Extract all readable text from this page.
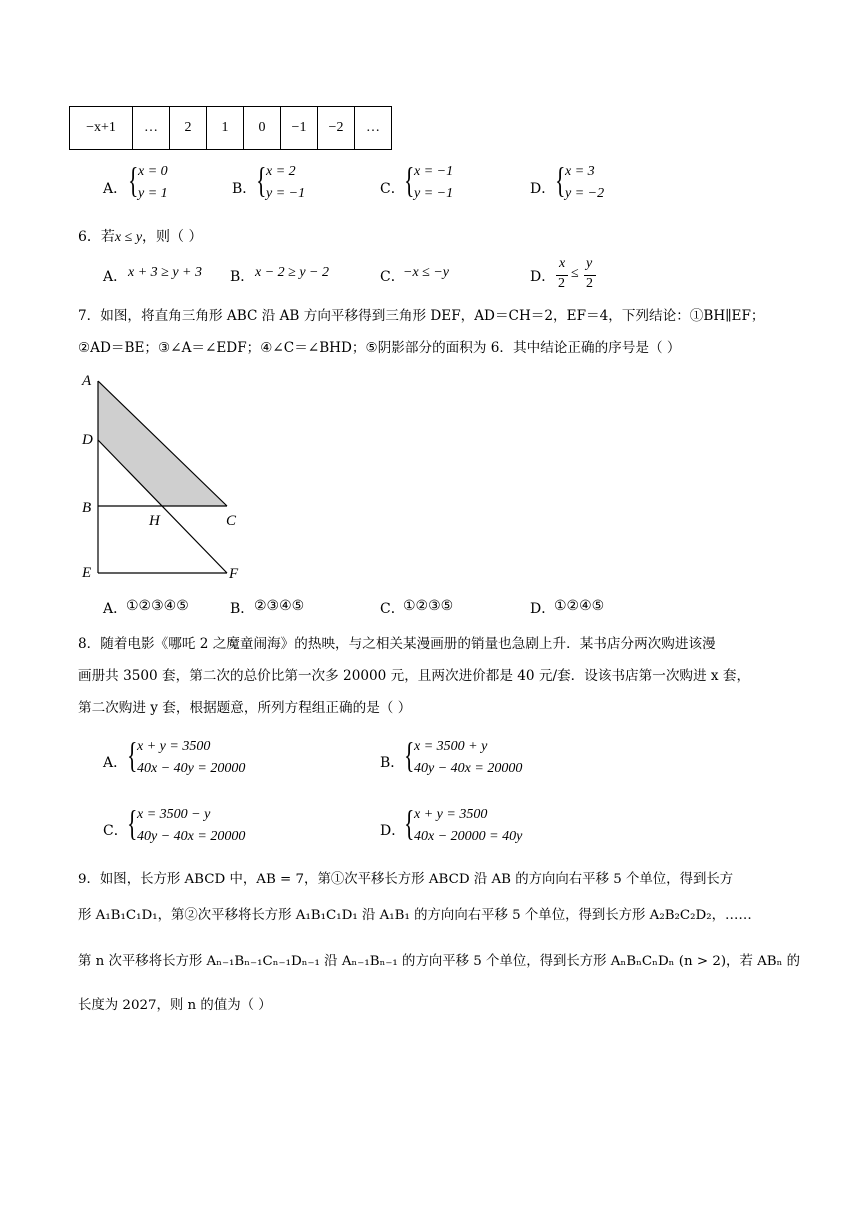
−x+1	…	2	1	0	−1	−2	…
A． { x = 0
y = 1	B． { x = 2
y = −1	C． { x = −1
y = −1	D． { x = 3
y = −2
6．若x ≤ y，则（ ）
A． x + 3 ≥ y + 3 B． x − 2 ≥ y − 2	C．
−x ≤ −y	D．
x
2
≤
y
2
7．如图，将直角三角形 ABC 沿 AB 方向平移得到三角形 DEF，AD＝CH＝2，EF＝4，下列结论：①BH∥EF；
②AD＝BE；③∠A＝∠EDF；④∠C＝∠BHD；⑤阴影部分的面积为 6．其中结论正确的序号是（ ）
A
D
B
H	C
E	F
A．
①②③④⑤	B． ②③④⑤	C．
①②③⑤	D．
①②④⑤
8．随着电影《哪吒 2 之魔童闹海》的热映，与之相关某漫画册的销量也急剧上升．某书店分两次购进该漫
画册共 3500 套，第二次的总价比第一次多 20000 元，且两次进价都是 40 元/套．设该书店第一次购进 x 套，
第二次购进 y 套，根据题意，所列方程组正确的是（ ）
A． { x + y = 3500
40x − 40y = 20000	B． { x = 3500 + y
40y − 40x = 20000
C． { x = 3500 − y
40y − 40x = 20000	D．
{ x + y = 3500
40x − 20000 = 40y
9．如图，长方形 ABCD 中，AB = 7，第①次平移长方形 ABCD 沿 AB 的方向向右平移 5 个单位，得到长方
形 A₁B₁C₁D₁，第②次平移将长方形 A₁B₁C₁D₁ 沿 A₁B₁ 的方向向右平移 5 个单位，得到长方形 A₂B₂C₂D₂，……
第 n 次平移将长方形 Aₙ₋₁Bₙ₋₁Cₙ₋₁Dₙ₋₁ 沿 Aₙ₋₁Bₙ₋₁ 的方向平移 5 个单位，得到长方形 AₙBₙCₙDₙ (n > 2)，若 ABₙ 的
长度为 2027，则 n 的值为（ ）
